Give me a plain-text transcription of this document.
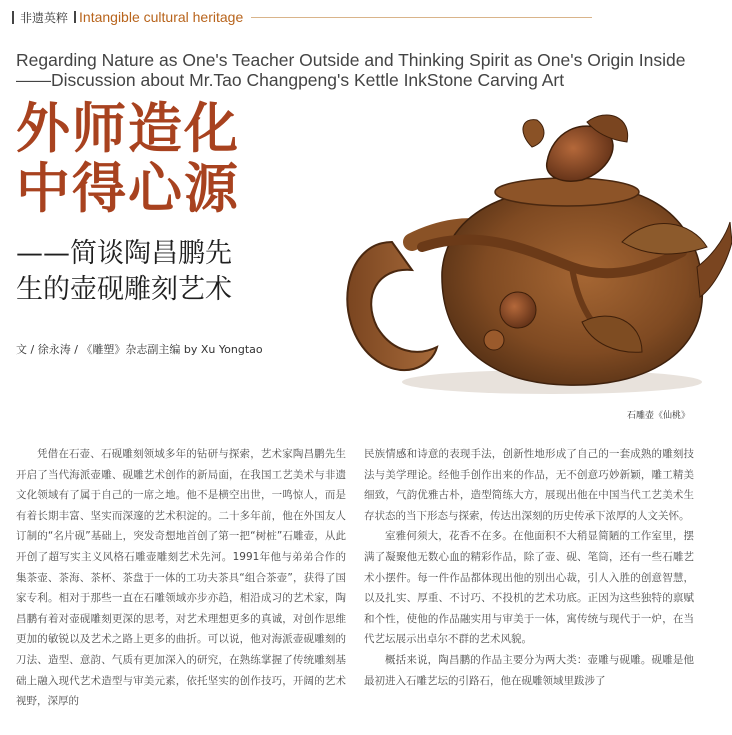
非遗英粹 Intangible cultural heritage
Regarding Nature as One's Teacher Outside and Thinking Spirit as One's Origin Inside——Discussion about Mr.Tao Changpeng's Kettle InkStone Carving Art
外师造化
中得心源
——简谈陶昌鹏先
生的壶砚雕刻艺术
文 / 徐永涛 / 《雕塑》杂志副主编 by Xu Yongtao
石雕壶《仙桃》

凭借在石壶、石砚雕刻领域多年的钻研与探索，艺术家陶昌鹏先生开启了当代海派壶雕、砚雕艺术创作的新局面，在我国工艺美术与非遗文化领域有了属于自己的一席之地。他不是横空出世，一鸣惊人，而是有着长期丰富、坚实而深邃的艺术积淀的。二十多年前，他在外国友人订制的“名片砚”基础上，突发奇想地首创了第一把“树桩”石雕壶，从此开创了超写实主义风格石雕壶雕刻艺术先河。1991年他与弟弟合作的集茶壶、茶海、茶杯、茶盘于一体的工功夫茶具“组合茶壶”，获得了国家专利。相对于那些一直在石雕领域亦步亦趋，相沿成习的艺术家，陶昌鹏有着对壶砚雕刻更深的思考，对艺术理想更多的真诚，对创作思维更加的敏锐以及艺术之路上更多的曲折。可以说，他对海派壶砚雕刻的刀法、造型、意韵、气质有更加深入的研究，在熟练掌握了传统雕刻基础上融入现代艺术造型与审美元素，依托坚实的创作技巧，开阔的艺术视野，深厚的

民族情感和诗意的表现手法，创新性地形成了自己的一套成熟的雕刻技法与美学理论。经他手创作出来的作品，无不创意巧妙新颖，雕工精美细致，气韵优雅古朴，造型简练大方，展现出他在中国当代工艺美术生存状态的当下形态与探索，传达出深刻的历史传承下浓厚的人文关怀。

室雅何须大，花香不在多。在他面积不大稍显简陋的工作室里，摆满了凝聚他无数心血的精彩作品，除了壶、砚、笔筒，还有一些石雕艺术小摆件。每一件作品都体现出他的别出心裁，引人入胜的创意智慧，以及扎实、厚重、不讨巧、不投机的艺术功底。正因为这些独特的禀赋和个性，使他的作品融实用与审美于一体，寓传统与现代于一炉，在当代艺坛展示出卓尔不群的艺术风貌。

概括来说，陶昌鹏的作品主要分为两大类：壶雕与砚雕。砚雕是他最初进入石雕艺坛的引路石，他在砚雕领域里跋涉了
